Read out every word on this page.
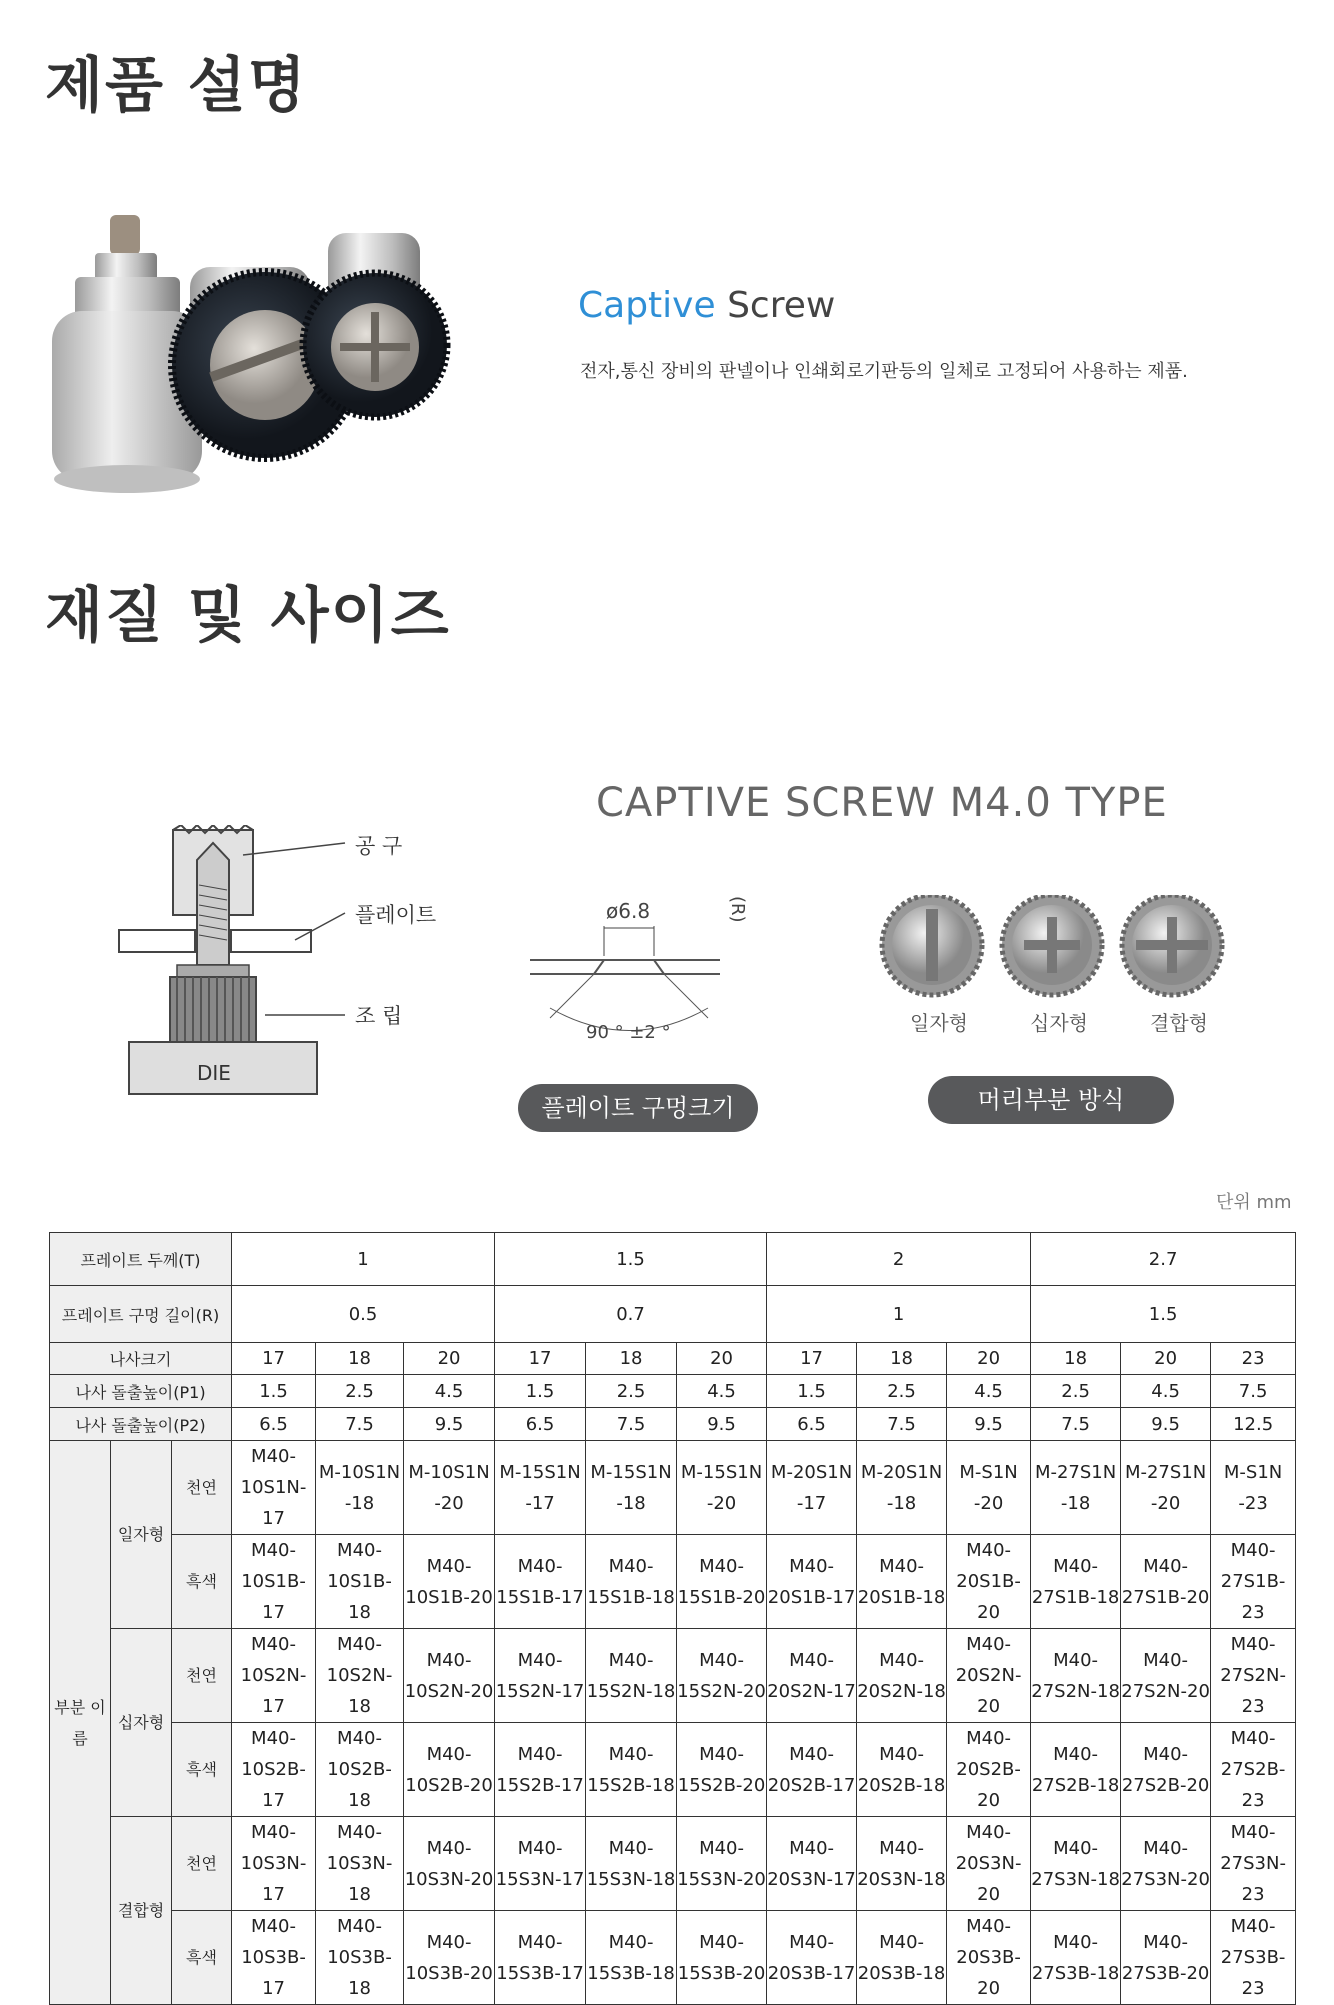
제품 설명
Captive Screw
전자,통신 장비의 판넬이나 인쇄회로기판등의 일체로 고정되어 사용하는 제품.
재질 및 사이즈
CAPTIVE SCREW M4.0 TYPE
공 구
플레이트
조 립
DIE
ø6.8	(R)
90 ° ±2 °
플레이트 구멍크기
일자형	십자형	결합형
머리부분 방식
단위 mm
프레이트 두께(T)			1			1.5			2			2.7		
프레이트 구멍 길이(R)			0.5			0.7			1			1.5		
나사크기			17	18	20	17	18	20	17	18	20	18	20	23
나사 돌출높이(P1)			1.5	2.5	4.5	1.5	2.5	4.5	1.5	2.5	4.5	2.5	4.5	7.5
나사 돌출높이(P2)			6.5	7.5	9.5	6.5	7.5	9.5	6.5	7.5	9.5	7.5	9.5	12.5
부분 이름	일자형	천연	M40- 10S1N-17	M-10S1N -18	M-10S1N -20	M-15S1N -17	M-15S1N -18	M-15S1N -20	M-20S1N -17	M-20S1N -18	M-S1N -20	M-27S1N -18	M-27S1N -20	M-S1N -23
		흑색	M40- 10S1B-17	M40- 10S1B-18	M40- 10S1B-20	M40- 15S1B-17	M40- 15S1B-18	M40- 15S1B-20	M40- 20S1B-17	M40- 20S1B-18	M40- 20S1B-20	M40- 27S1B-18	M40- 27S1B-20	M40- 27S1B-23
	십자형	천연	M40- 10S2N-17	M40- 10S2N-18	M40- 10S2N-20	M40- 15S2N-17	M40- 15S2N-18	M40- 15S2N-20	M40- 20S2N-17	M40- 20S2N-18	M40- 20S2N-20	M40- 27S2N-18	M40- 27S2N-20	M40- 27S2N-23
		흑색	M40- 10S2B-17	M40- 10S2B-18	M40- 10S2B-20	M40- 15S2B-17	M40- 15S2B-18	M40- 15S2B-20	M40- 20S2B-17	M40- 20S2B-18	M40- 20S2B-20	M40- 27S2B-18	M40- 27S2B-20	M40- 27S2B-23
	결합형	천연	M40- 10S3N-17	M40- 10S3N-18	M40- 10S3N-20	M40- 15S3N-17	M40- 15S3N-18	M40- 15S3N-20	M40- 20S3N-17	M40- 20S3N-18	M40- 20S3N-20	M40- 27S3N-18	M40- 27S3N-20	M40- 27S3N-23
		흑색	M40- 10S3B-17	M40- 10S3B-18	M40- 10S3B-20	M40- 15S3B-17	M40- 15S3B-18	M40- 15S3B-20	M40- 20S3B-17	M40- 20S3B-18	M40- 20S3B-20	M40- 27S3B-18	M40- 27S3B-20	M40- 27S3B-23
